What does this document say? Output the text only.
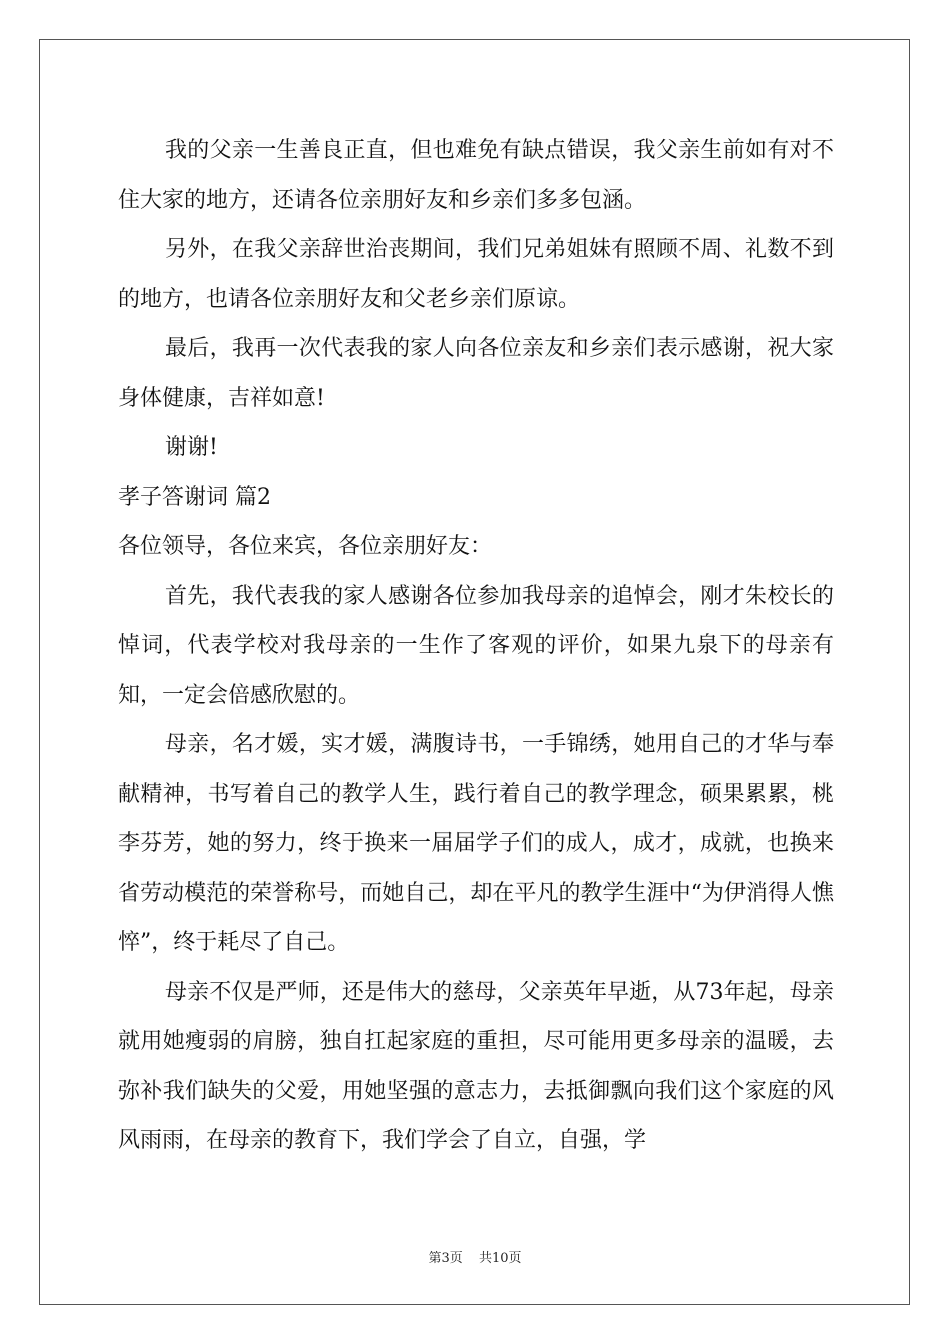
我的父亲一生善良正直，但也难免有缺点错误，我父亲生前如有对不住大家的地方，还请各位亲朋好友和乡亲们多多包涵。

另外，在我父亲辞世治丧期间，我们兄弟姐妹有照顾不周、礼数不到的地方，也请各位亲朋好友和父老乡亲们原谅。

最后，我再一次代表我的家人向各位亲友和乡亲们表示感谢，祝大家身体健康，吉祥如意!

谢谢!

孝子答谢词 篇2

各位领导，各位来宾，各位亲朋好友：

首先，我代表我的家人感谢各位参加我母亲的追悼会，刚才朱校长的悼词，代表学校对我母亲的一生作了客观的评价，如果九泉下的母亲有知，一定会倍感欣慰的。

母亲，名才媛，实才媛，满腹诗书，一手锦绣，她用自己的才华与奉献精神，书写着自己的教学人生，践行着自己的教学理念，硕果累累，桃李芬芳，她的努力，终于换来一届届学子们的成人，成才，成就，也换来省劳动模范的荣誉称号，而她自己，却在平凡的教学生涯中“为伊消得人憔悴”，终于耗尽了自己。

母亲不仅是严师，还是伟大的慈母，父亲英年早逝，从73年起，母亲就用她瘦弱的肩膀，独自扛起家庭的重担，尽可能用更多母亲的温暖，去弥补我们缺失的父爱，用她坚强的意志力，去抵御飘向我们这个家庭的风风雨雨，在母亲的教育下，我们学会了自立，自强，学

第3页 共10页
